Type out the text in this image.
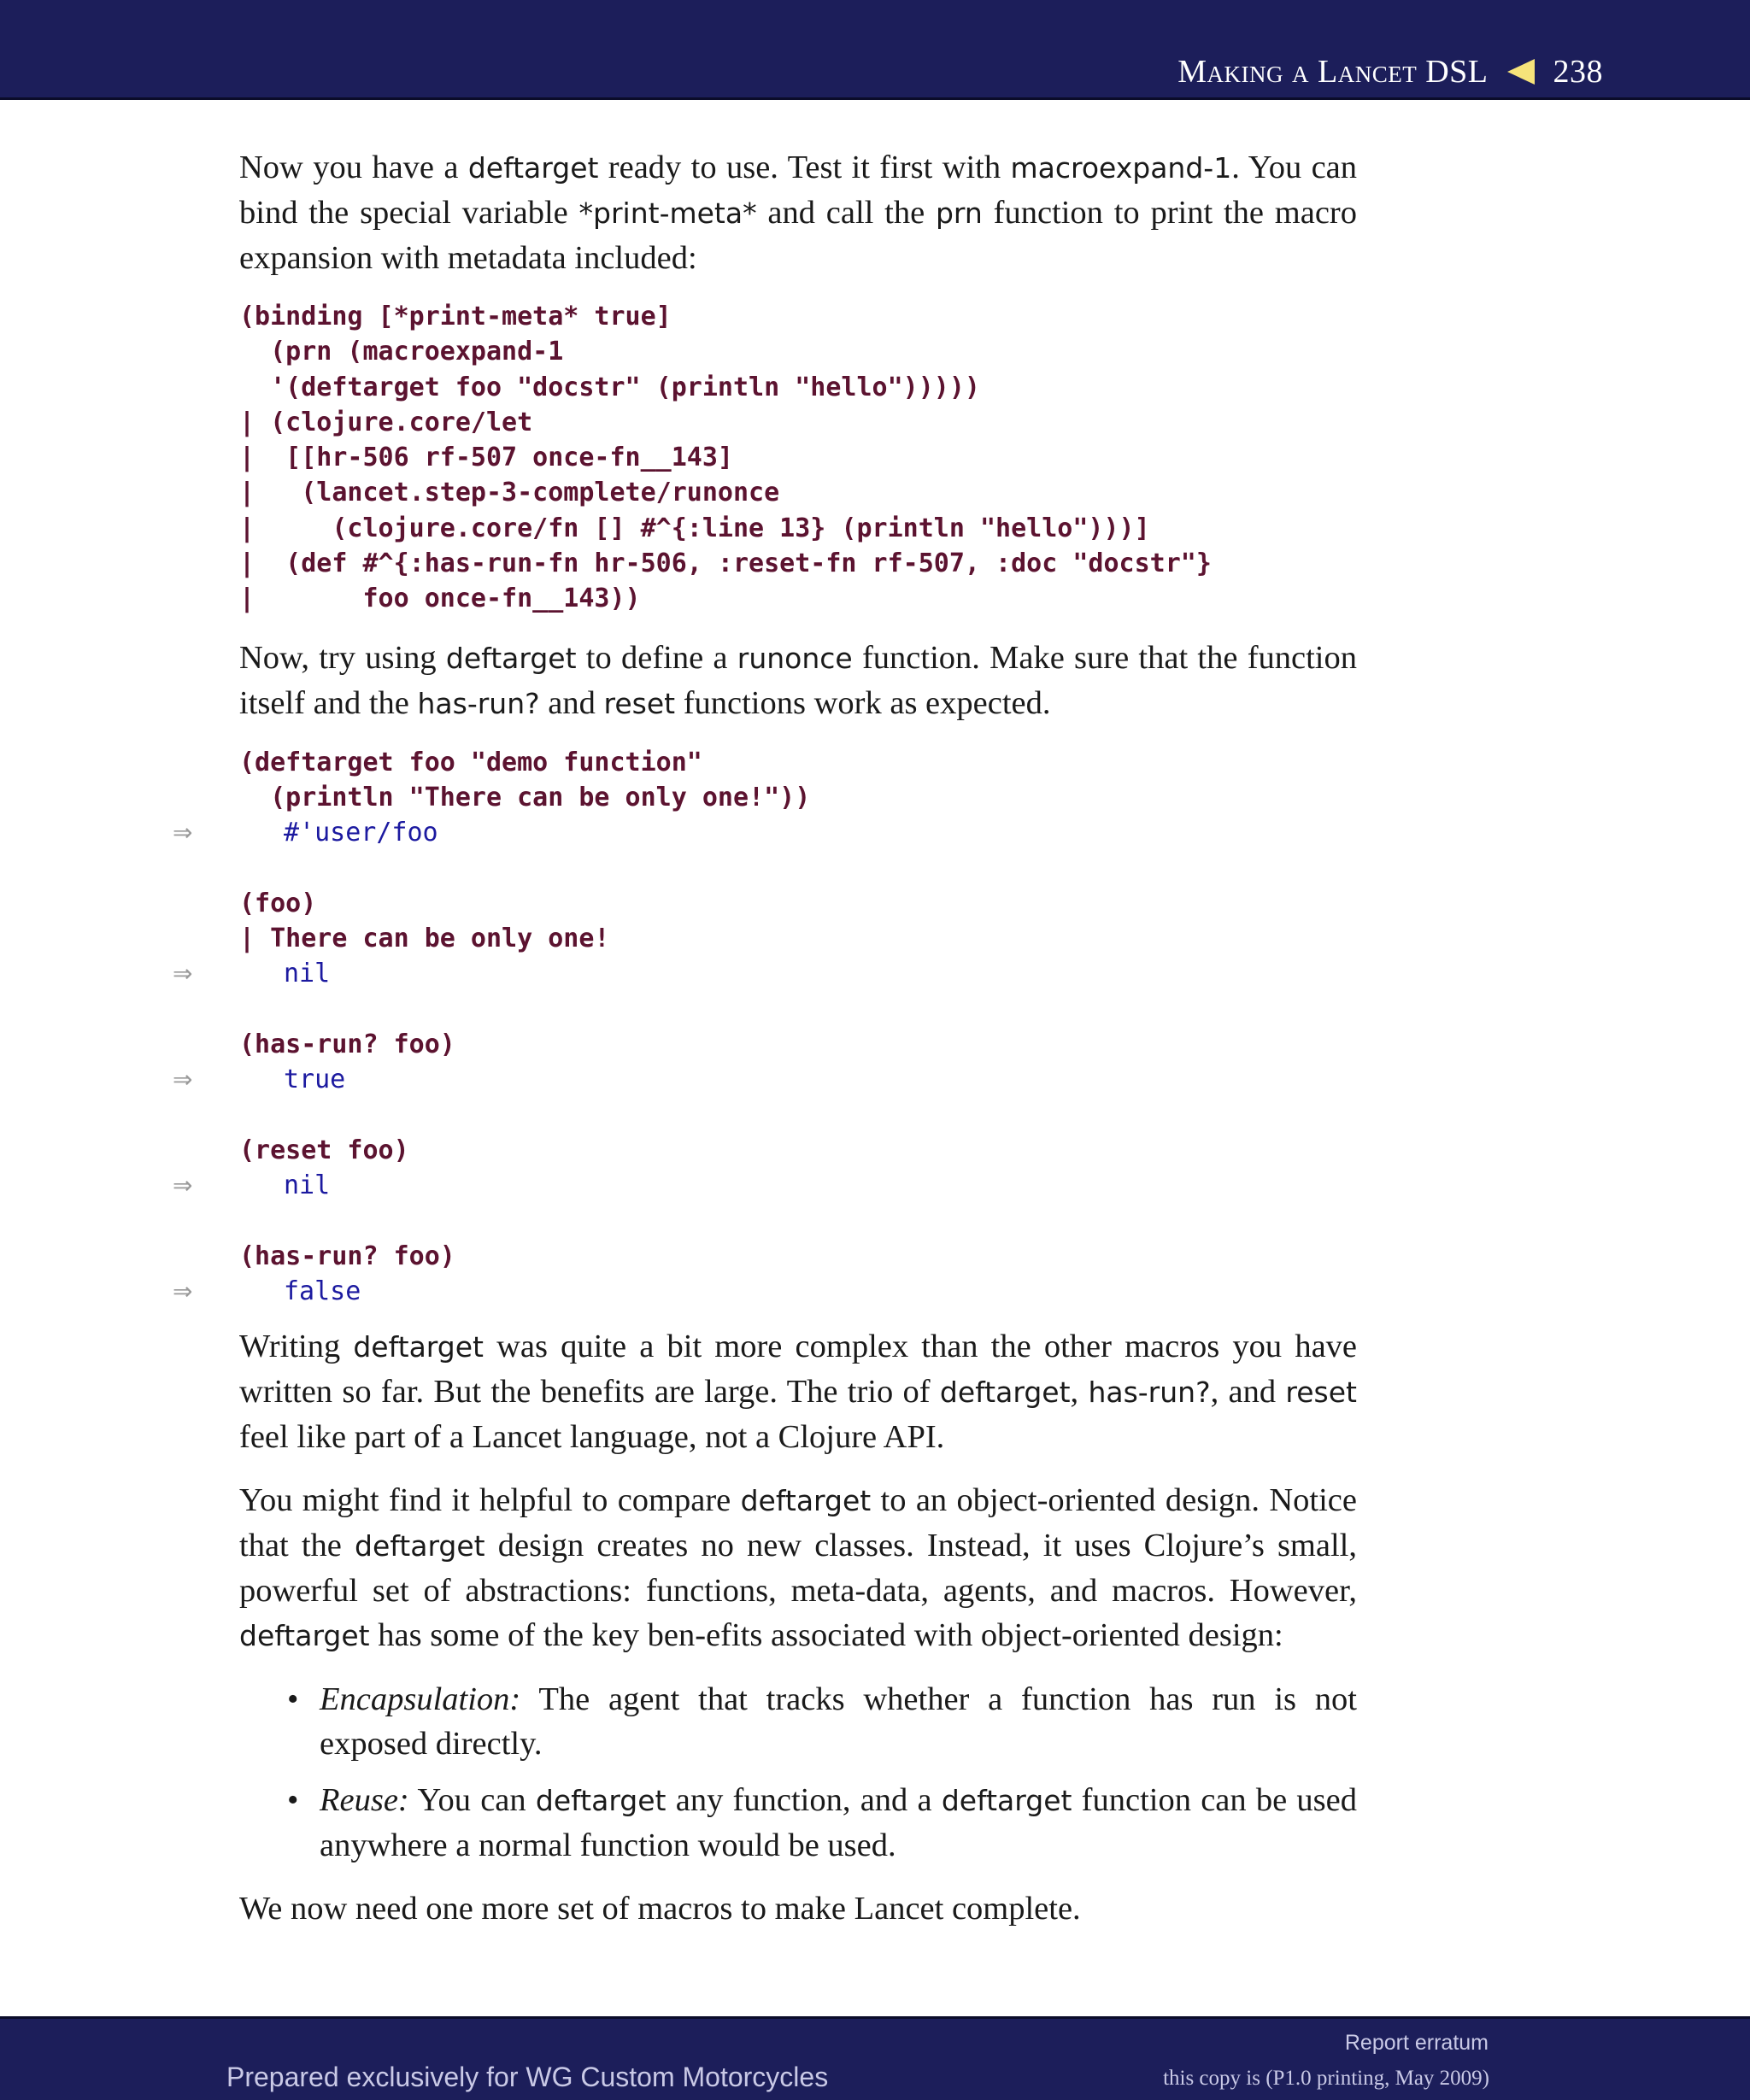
Making a Lancet DSL 238

Now you have a deftarget ready to use. Test it first with macroexpand-1. You can bind the special variable *print-meta* and call the prn function to print the macro expansion with metadata included:

(binding [*print-meta* true]
(prn (macroexpand-1
'(deftarget foo "docstr" (println "hello")))))
| (clojure.core/let
|  [[hr-506 rf-507 once-fn__143]
|   (lancet.step-3-complete/runonce
|     (clojure.core/fn [] #^{:line 13} (println "hello")))]
|  (def #^{:has-run-fn hr-506, :reset-fn rf-507, :doc "docstr"}
|       foo once-fn__143))

Now, try using deftarget to define a runonce function. Make sure that the function itself and the has-run? and reset functions work as expected.

(deftarget foo "demo function"
(println "There can be only one!"))
⇒	#'user/foo
(foo)
| There can be only one!
⇒	nil
(has-run? foo)
⇒	true
(reset foo)
⇒	nil
(has-run? foo)
⇒	false

Writing deftarget was quite a bit more complex than the other macros you have written so far. But the benefits are large. The trio of deftarget, has-run?, and reset feel like part of a Lancet language, not a Clojure API.

You might find it helpful to compare deftarget to an object-oriented design. Notice that the deftarget design creates no new classes. Instead, it uses Clojure’s small, powerful set of abstractions: functions, meta-data, agents, and macros. However, deftarget has some of the key ben-efits associated with object-oriented design:

• Encapsulation: The agent that tracks whether a function has run is not exposed directly.
• Reuse: You can deftarget any function, and a deftarget function can be used anywhere a normal function would be used.

We now need one more set of macros to make Lancet complete.

Prepared exclusively for WG Custom Motorcycles
Report erratum
this copy is (P1.0 printing, May 2009)
